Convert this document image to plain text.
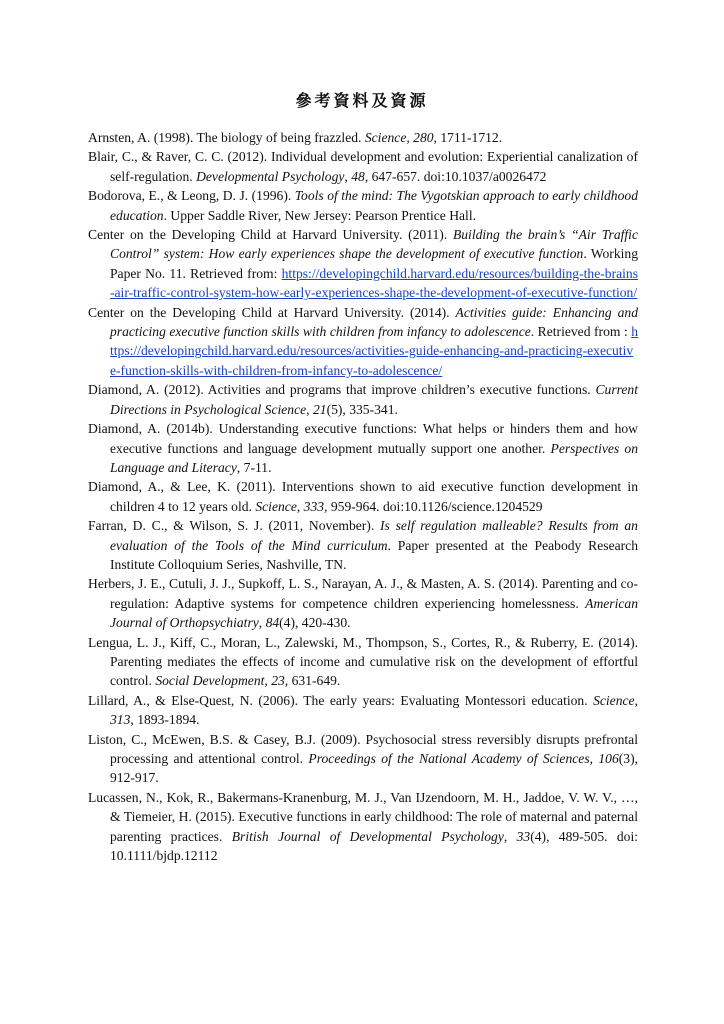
參考資料及資源

Arnsten, A. (1998). The biology of being frazzled. Science, 280, 1711-1712.

Blair, C., & Raver, C. C. (2012). Individual development and evolution: Experiential canalization of self-regulation. Developmental Psychology, 48, 647-657. doi:10.1037/a0026472

Bodorova, E., & Leong, D. J. (1996). Tools of the mind: The Vygotskian approach to early childhood education. Upper Saddle River, New Jersey: Pearson Prentice Hall.

Center on the Developing Child at Harvard University. (2011). Building the brain’s “Air Traffic Control” system: How early experiences shape the development of executive function. Working Paper No. 11. Retrieved from: https://developingchild.harvard.edu/resources/building-the-brains-air-traffic-control-system-how-early-experiences-shape-the-development-of-executive-function/

Center on the Developing Child at Harvard University. (2014). Activities guide: Enhancing and practicing executive function skills with children from infancy to adolescence. Retrieved from : https://developingchild.harvard.edu/resources/activities-guide-enhancing-and-practicing-executive-function-skills-with-children-from-infancy-to-adolescence/

Diamond, A. (2012). Activities and programs that improve children’s executive functions. Current Directions in Psychological Science, 21(5), 335-341.

Diamond, A. (2014b). Understanding executive functions: What helps or hinders them and how executive functions and language development mutually support one another. Perspectives on Language and Literacy, 7-11.

Diamond, A., & Lee, K. (2011). Interventions shown to aid executive function development in children 4 to 12 years old. Science, 333, 959-964. doi:10.1126/science.1204529

Farran, D. C., & Wilson, S. J. (2011, November). Is self regulation malleable? Results from an evaluation of the Tools of the Mind curriculum. Paper presented at the Peabody Research Institute Colloquium Series, Nashville, TN.

Herbers, J. E., Cutuli, J. J., Supkoff, L. S., Narayan, A. J., & Masten, A. S. (2014). Parenting and co-regulation: Adaptive systems for competence children experiencing homelessness. American Journal of Orthopsychiatry, 84(4), 420-430.

Lengua, L. J., Kiff, C., Moran, L., Zalewski, M., Thompson, S., Cortes, R., & Ruberry, E. (2014). Parenting mediates the effects of income and cumulative risk on the development of effortful control. Social Development, 23, 631-649.

Lillard, A., & Else-Quest, N. (2006). The early years: Evaluating Montessori education. Science, 313, 1893-1894.

Liston, C., McEwen, B.S. & Casey, B.J. (2009). Psychosocial stress reversibly disrupts prefrontal processing and attentional control. Proceedings of the National Academy of Sciences, 106(3), 912-917.

Lucassen, N., Kok, R., Bakermans-Kranenburg, M. J., Van IJzendoorn, M. H., Jaddoe, V. W. V., …, & Tiemeier, H. (2015). Executive functions in early childhood: The role of maternal and paternal parenting practices. British Journal of Developmental Psychology, 33(4), 489-505. doi: 10.1111/bjdp.12112
